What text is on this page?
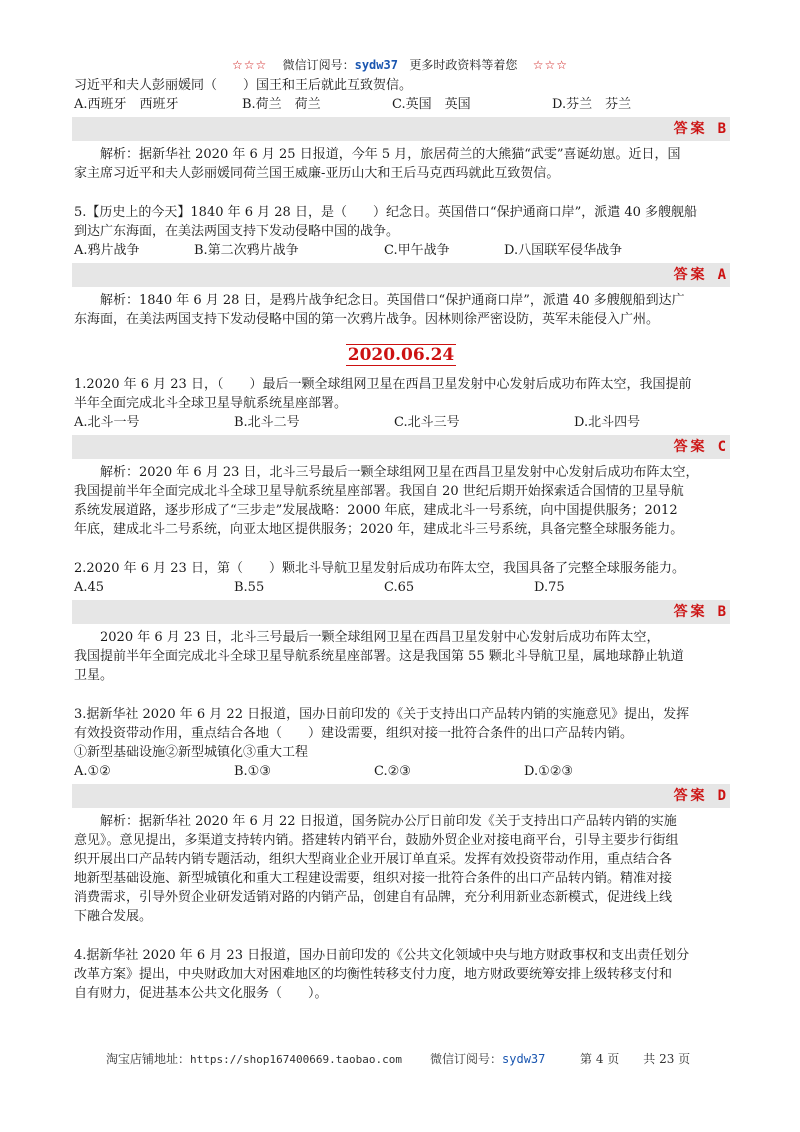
☆☆☆ 微信订阅号：sydw37 更多时政资料等着您 ☆☆☆
习近平和夫人彭丽媛同（　　）国王和王后就此互致贺信。
A.西班牙　西班牙	B.荷兰　荷兰	C.英国　英国	D.芬兰　芬兰
答案 B
解析：据新华社 2020 年 6 月 25 日报道，今年 5 月，旅居荷兰的大熊猫“武雯”喜诞幼崽。近日，国
家主席习近平和夫人彭丽媛同荷兰国王威廉-亚历山大和王后马克西玛就此互致贺信。
5.【历史上的今天】1840 年 6 月 28 日，是（　　）纪念日。英国借口“保护通商口岸”，派遣 40 多艘舰船
到达广东海面，在美法两国支持下发动侵略中国的战争。
A.鸦片战争	B.第二次鸦片战争	C.甲午战争	D.八国联军侵华战争
答案 A
解析：1840 年 6 月 28 日，是鸦片战争纪念日。英国借口“保护通商口岸”，派遣 40 多艘舰船到达广
东海面，在美法两国支持下发动侵略中国的第一次鸦片战争。因林则徐严密设防，英军未能侵入广州。
2020.06.24
1.2020 年 6 月 23 日，（　　）最后一颗全球组网卫星在西昌卫星发射中心发射后成功布阵太空，我国提前
半年全面完成北斗全球卫星导航系统星座部署。
A.北斗一号	B.北斗二号	C.北斗三号	D.北斗四号
答案 C
解析：2020 年 6 月 23 日，北斗三号最后一颗全球组网卫星在西昌卫星发射中心发射后成功布阵太空，
我国提前半年全面完成北斗全球卫星导航系统星座部署。我国自 20 世纪后期开始探索适合国情的卫星导航
系统发展道路，逐步形成了“三步走”发展战略：2000 年底，建成北斗一号系统，向中国提供服务；2012
年底，建成北斗二号系统，向亚太地区提供服务；2020 年，建成北斗三号系统，具备完整全球服务能力。
2.2020 年 6 月 23 日，第（　　）颗北斗导航卫星发射后成功布阵太空，我国具备了完整全球服务能力。
A.45	B.55	C.65	D.75
答案 B
2020 年 6 月 23 日，北斗三号最后一颗全球组网卫星在西昌卫星发射中心发射后成功布阵太空，
我国提前半年全面完成北斗全球卫星导航系统星座部署。这是我国第 55 颗北斗导航卫星，属地球静止轨道
卫星。
3.据新华社 2020 年 6 月 22 日报道，国办日前印发的《关于支持出口产品转内销的实施意见》提出，发挥
有效投资带动作用，重点结合各地（　　）建设需要，组织对接一批符合条件的出口产品转内销。
①新型基础设施②新型城镇化③重大工程
A.①②	B.①③	C.②③	D.①②③
答案 D
解析：据新华社 2020 年 6 月 22 日报道，国务院办公厅日前印发《关于支持出口产品转内销的实施
意见》。意见提出，多渠道支持转内销。搭建转内销平台，鼓励外贸企业对接电商平台，引导主要步行街组
织开展出口产品转内销专题活动，组织大型商业企业开展订单直采。发挥有效投资带动作用，重点结合各
地新型基础设施、新型城镇化和重大工程建设需要，组织对接一批符合条件的出口产品转内销。精准对接
消费需求，引导外贸企业研发适销对路的内销产品，创建自有品牌，充分利用新业态新模式，促进线上线
下融合发展。
4.据新华社 2020 年 6 月 23 日报道，国办日前印发的《公共文化领域中央与地方财政事权和支出责任划分
改革方案》提出，中央财政加大对困难地区的均衡性转移支付力度，地方财政要统筹安排上级转移支付和
自有财力，促进基本公共文化服务（　　）。
淘宝店铺地址：https://shop167400669.taobao.com 微信订阅号：sydw37	第 4 页　　共 23 页
